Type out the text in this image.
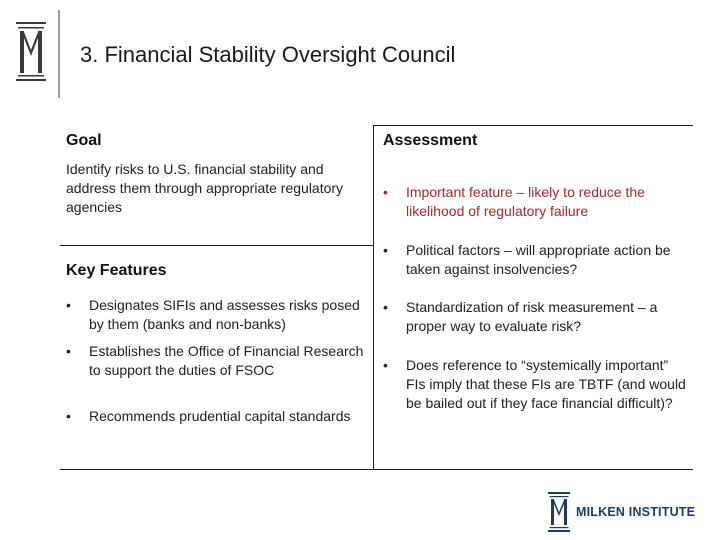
3. Financial Stability Oversight Council
Goal
Identify risks to U.S. financial stability and address them through appropriate regulatory agencies
Key Features
•	Designates SIFIs and assesses risks posed by them (banks and non-banks)
•	Establishes the Office of Financial Research to support the duties of FSOC
•	Recommends prudential capital standards
Assessment
•	Important feature – likely to reduce the likelihood of regulatory failure
•	Political factors – will appropriate action be taken against insolvencies?
•	Standardization of risk measurement – a proper way to evaluate risk?
•	Does reference to “systemically important” FIs imply that these FIs are TBTF (and would be bailed out if they face financial difficult)?
MILKEN INSTITUTE
